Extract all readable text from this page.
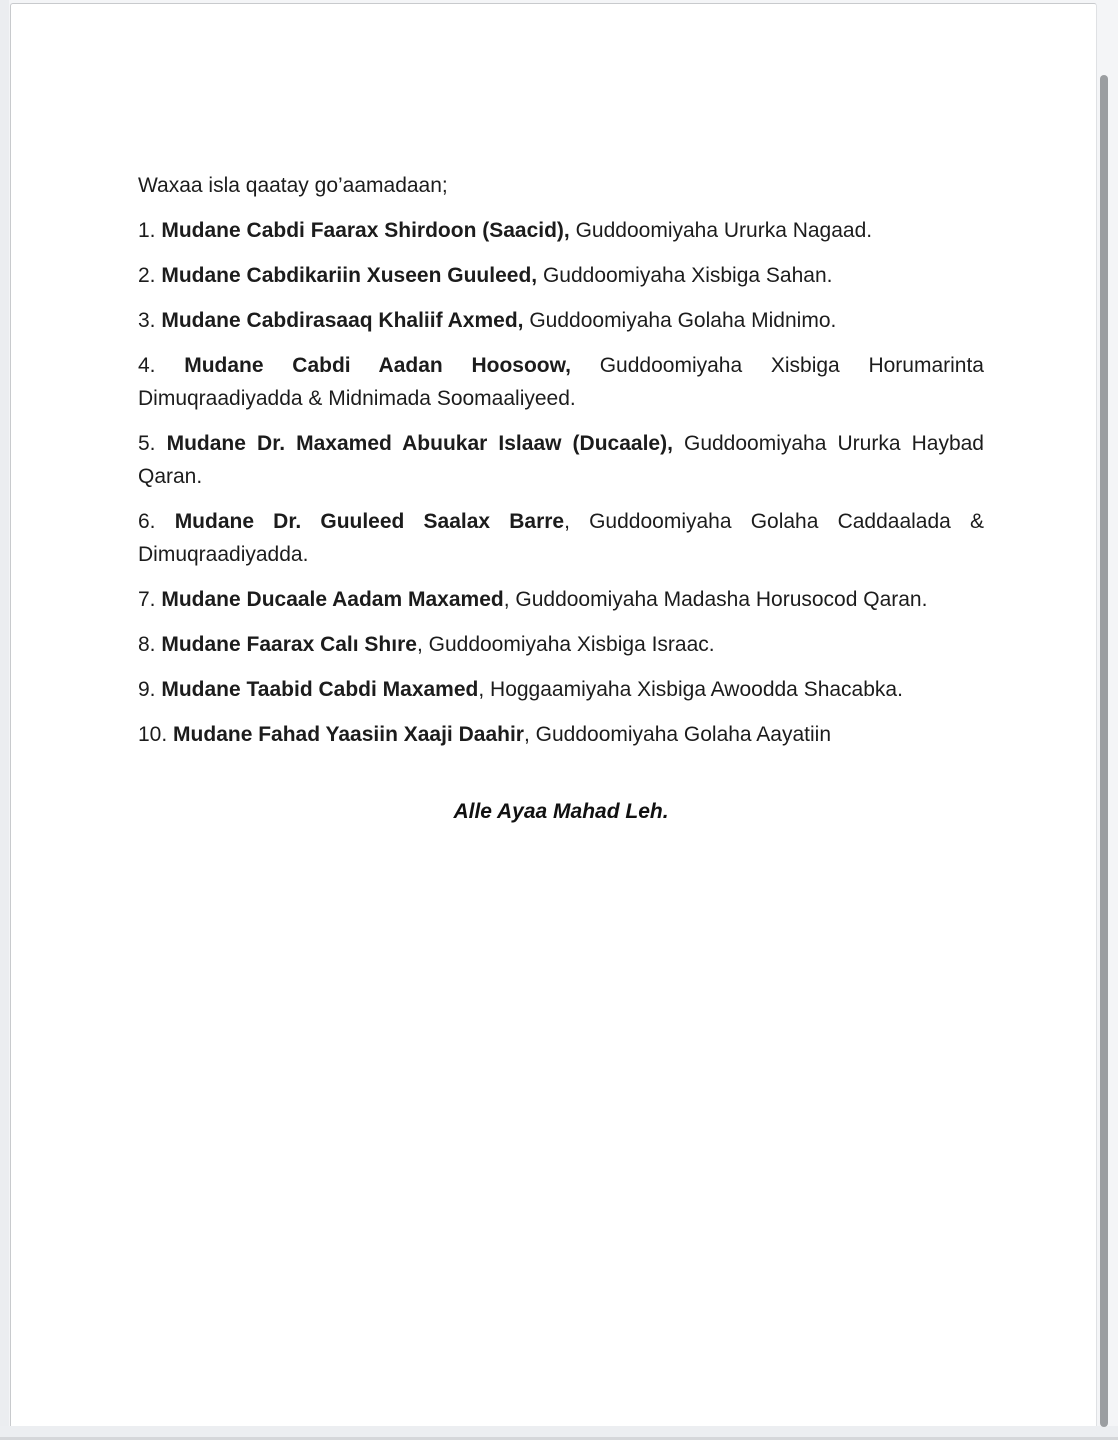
Waxaa isla qaatay go’aamadaan;

1. Mudane Cabdi Faarax Shirdoon (Saacid), Guddoomiyaha Ururka Nagaad.

2. Mudane Cabdikariin Xuseen Guuleed, Guddoomiyaha Xisbiga Sahan.

3. Mudane Cabdirasaaq Khaliif Axmed, Guddoomiyaha Golaha Midnimo.

4. Mudane Cabdi Aadan Hoosoow, Guddoomiyaha Xisbiga Horumarinta Dimuqraadiyadda & Midnimada Soomaaliyeed.

5. Mudane Dr. Maxamed Abuukar Islaaw (Ducaale), Guddoomiyaha Ururka Haybad Qaran.

6. Mudane Dr. Guuleed Saalax Barre, Guddoomiyaha Golaha Caddaalada & Dimuqraadiyadda.

7. Mudane Ducaale Aadam Maxamed, Guddoomiyaha Madasha Horusocod Qaran.

8. Mudane Faarax Calı Shıre, Guddoomiyaha Xisbiga Israac.

9. Mudane Taabid Cabdi Maxamed, Hoggaamiyaha Xisbiga Awoodda Shacabka.

10. Mudane Fahad Yaasiin Xaaji Daahir, Guddoomiyaha Golaha Aayatiin

Alle Ayaa Mahad Leh.
